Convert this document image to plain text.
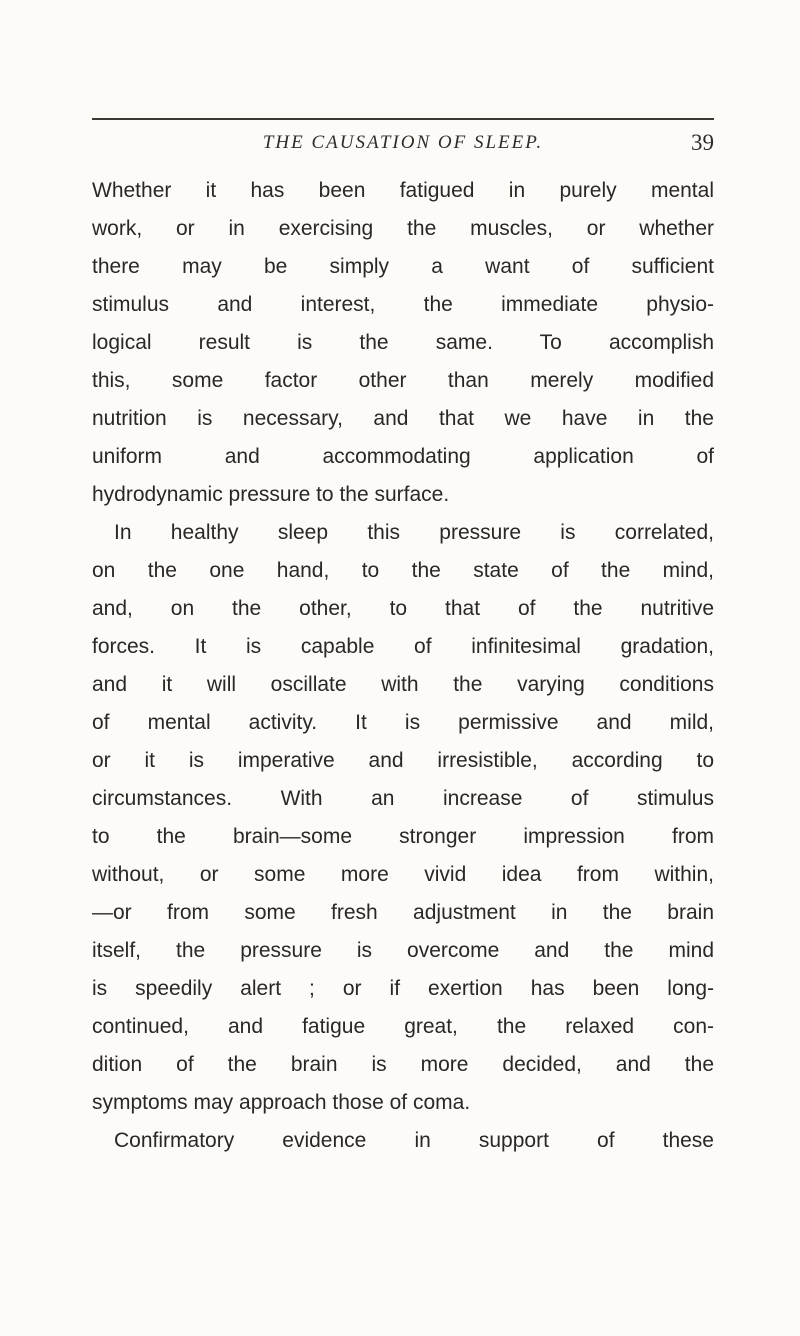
THE CAUSATION OF SLEEP.	39
Whether it has been fatigued in purely mental
work, or in exercising the muscles, or whether
there may be simply a want of sufficient
stimulus and interest, the immediate physio-
logical result is the same. To accomplish
this, some factor other than merely modified
nutrition is necessary, and that we have in the
uniform and accommodating application of
hydrodynamic pressure to the surface.
In healthy sleep this pressure is correlated,
on the one hand, to the state of the mind,
and, on the other, to that of the nutritive
forces. It is capable of infinitesimal gradation,
and it will oscillate with the varying conditions
of mental activity. It is permissive and mild,
or it is imperative and irresistible, according to
circumstances. With an increase of stimulus
to the brain—some stronger impression from
without, or some more vivid idea from within,
—or from some fresh adjustment in the brain
itself, the pressure is overcome and the mind
is speedily alert ; or if exertion has been long-
continued, and fatigue great, the relaxed con-
dition of the brain is more decided, and the
symptoms may approach those of coma.
Confirmatory evidence in support of these
